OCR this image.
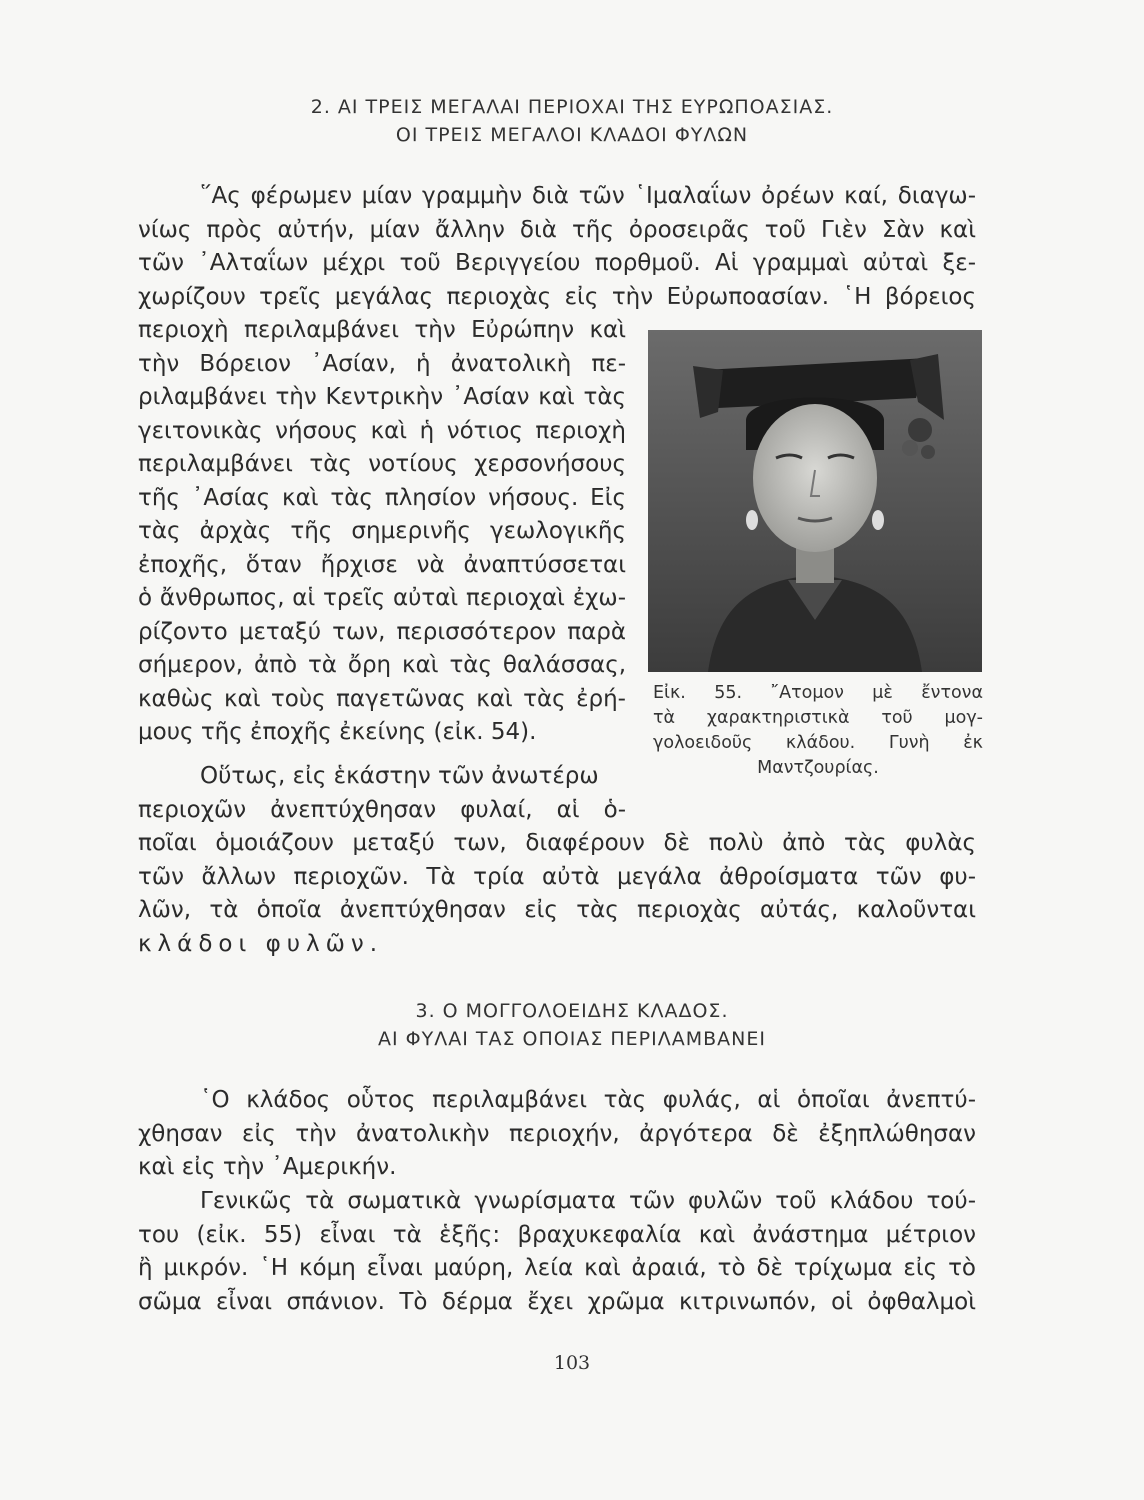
2. ΑΙ ΤΡΕΙΣ ΜΕΓΑΛΑΙ ΠΕΡΙΟΧΑΙ ΤΗΣ ΕΥΡΩΠΟΑΣΙΑΣ.
ΟΙ ΤΡΕΙΣ ΜΕΓΑΛΟΙ ΚΛΑΔΟΙ ΦΥΛΩΝ
῞Ας φέρωμεν μίαν γραμμὴν διὰ τῶν ῾Ιμαλαΐων ὀρέων καί, διαγω-
νίως πρὸς αὐτήν, μίαν ἄλλην διὰ τῆς ὀροσειρᾶς τοῦ Γιὲν Σὰν καὶ
τῶν ᾿Αλταΐων μέχρι τοῦ Βεριγγείου πορθμοῦ. Αἱ γραμμαὶ αὐταὶ ξε-
χωρίζουν τρεῖς μεγάλας περιοχὰς εἰς τὴν Εὐρωποασίαν. ῾Η βόρειος
περιοχὴ περιλαμβάνει τὴν Εὐρώπην καὶ
τὴν Βόρειον ᾿Ασίαν, ἡ ἀνατολικὴ πε-
ριλαμβάνει τὴν Κεντρικὴν ᾿Ασίαν καὶ τὰς
γειτονικὰς νήσους καὶ ἡ νότιος περιοχὴ
περιλαμβάνει τὰς νοτίους χερσονήσους
τῆς ᾿Ασίας καὶ τὰς πλησίον νήσους. Εἰς
τὰς ἀρχὰς τῆς σημερινῆς γεωλογικῆς
ἐποχῆς, ὅταν ἤρχισε νὰ ἀναπτύσσεται
ὁ ἄνθρωπος, αἱ τρεῖς αὐταὶ περιοχαὶ ἐχω-
ρίζοντο μεταξύ των, περισσότερον παρὰ
σήμερον, ἀπὸ τὰ ὄρη καὶ τὰς θαλάσσας,
καθὼς καὶ τοὺς παγετῶνας καὶ τὰς ἐρή-
μους τῆς ἐποχῆς ἐκείνης (εἰκ. 54).
Οὕτως, εἰς ἑκάστην τῶν ἀνωτέρω
περιοχῶν ἀνεπτύχθησαν φυλαί, αἱ ὁ-
ποῖαι ὁμοιάζουν μεταξύ των, διαφέρουν δὲ πολὺ ἀπὸ τὰς φυλὰς
τῶν ἄλλων περιοχῶν. Τὰ τρία αὐτὰ μεγάλα ἀθροίσματα τῶν φυ-
λῶν, τὰ ὁποῖα ἀνεπτύχθησαν εἰς τὰς περιοχὰς αὐτάς, καλοῦνται
κλάδοι φυλῶν.
Εἰκ. 55. ῎Ατομον μὲ ἔντονα
τὰ χαρακτηριστικὰ τοῦ μογ-
γολοειδοῦς κλάδου. Γυνὴ ἐκ
Μαντζουρίας.
3. Ο ΜΟΓΓΟΛΟΕΙΔΗΣ ΚΛΑΔΟΣ.
ΑΙ ΦΥΛΑΙ ΤΑΣ ΟΠΟΙΑΣ ΠΕΡΙΛΑΜΒΑΝΕΙ
῾Ο κλάδος οὗτος περιλαμβάνει τὰς φυλάς, αἱ ὁποῖαι ἀνεπτύ-
χθησαν εἰς τὴν ἀνατολικὴν περιοχήν, ἀργότερα δὲ ἐξηπλώθησαν
καὶ εἰς τὴν ᾿Αμερικήν.
Γενικῶς τὰ σωματικὰ γνωρίσματα τῶν φυλῶν τοῦ κλάδου τού-
του (εἰκ. 55) εἶναι τὰ ἑξῆς: βραχυκεφαλία καὶ ἀνάστημα μέτριον
ἢ μικρόν. ῾Η κόμη εἶναι μαύρη, λεία καὶ ἀραιά, τὸ δὲ τρίχωμα εἰς τὸ
σῶμα εἶναι σπάνιον. Τὸ δέρμα ἔχει χρῶμα κιτρινωπόν, οἱ ὀφθαλμοὶ
103
